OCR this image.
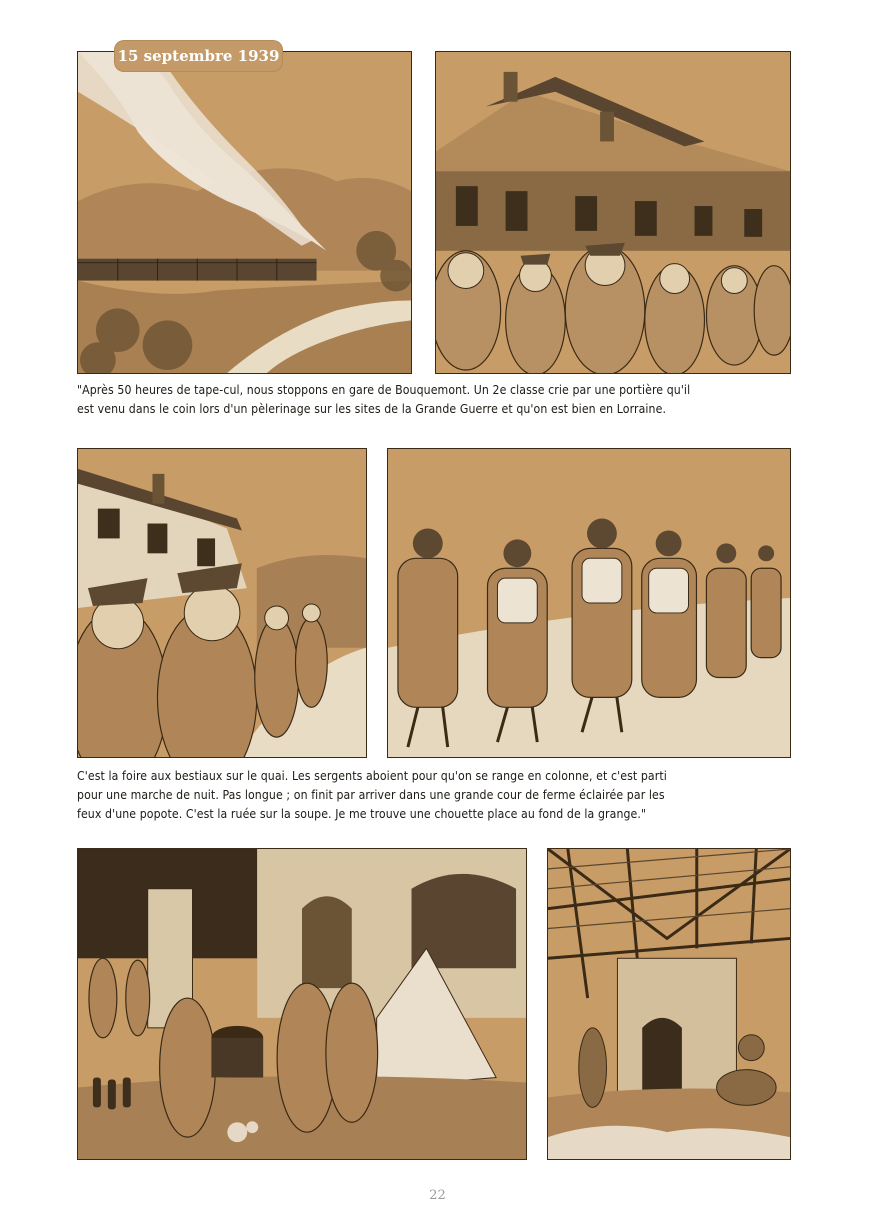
"Après 50 heures de tape-cul, nous stoppons en gare de Bouquemont. Un 2e classe crie par une portière qu'il

est venu dans le coin lors d'un pèlerinage sur les sites de la Grande Guerre et qu'on est bien en Lorraine.

C'est la foire aux bestiaux sur le quai. Les sergents aboient pour qu'on se range en colonne, et c'est parti

pour une marche de nuit. Pas longue ; on finit par arriver dans une grande cour de ferme éclairée par les

feux d'une popote. C'est la ruée sur la soupe. Je me trouve une chouette place au fond de la grange."

15 septembre 1939
22
